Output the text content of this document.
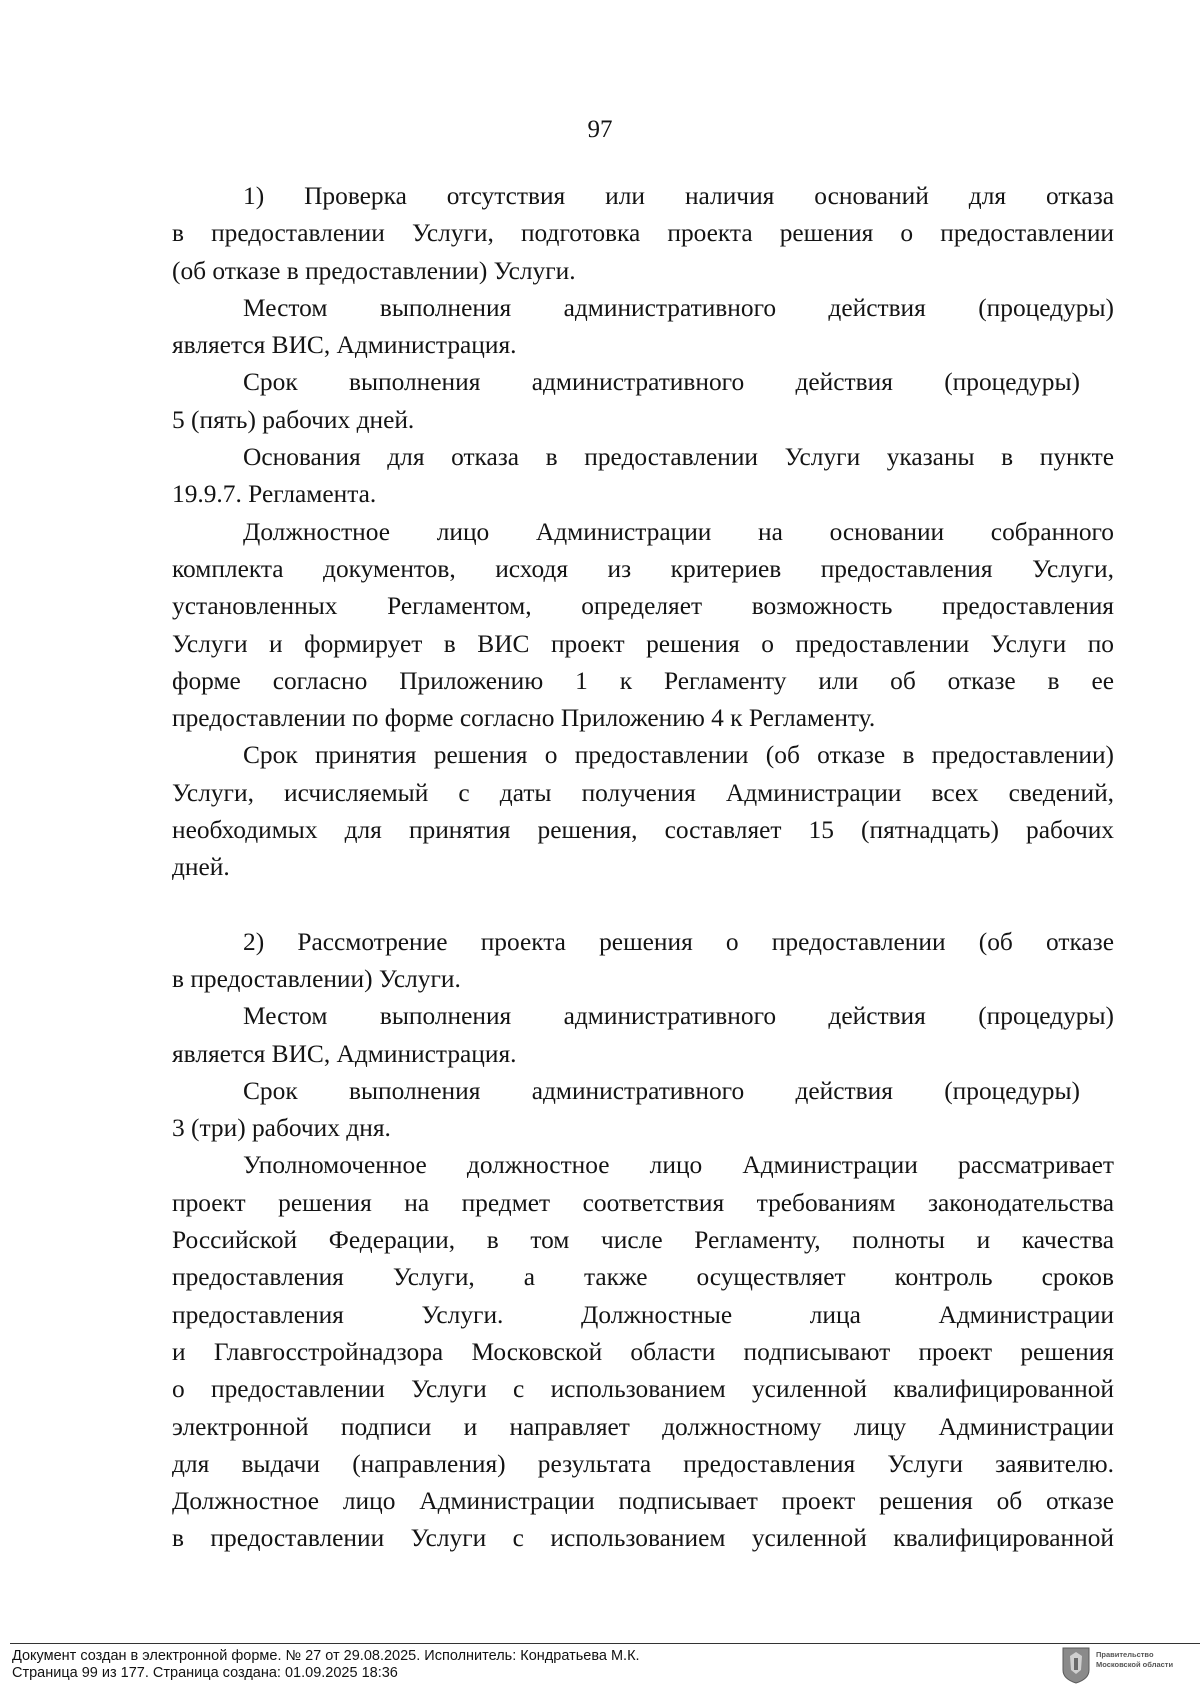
97
1) Проверка отсутствия или наличия оснований для отказа
в предоставлении Услуги, подготовка проекта решения о предоставлении
(об отказе в предоставлении) Услуги.
Местом выполнения административного действия (процедуры)
является ВИС, Администрация.
Срок выполнения административного действия (процедуры)
5 (пять) рабочих дней.
Основания для отказа в предоставлении Услуги указаны в пункте
19.9.7. Регламента.
Должностное лицо Администрации на основании собранного
комплекта документов, исходя из критериев предоставления Услуги,
установленных Регламентом, определяет возможность предоставления
Услуги и формирует в ВИС проект решения о предоставлении Услуги по
форме согласно Приложению 1 к Регламенту или об отказе в ее
предоставлении по форме согласно Приложению 4 к Регламенту.
Срок принятия решения о предоставлении (об отказе в предоставлении)
Услуги, исчисляемый с даты получения Администрации всех сведений,
необходимых для принятия решения, составляет 15 (пятнадцать) рабочих
дней.
2) Рассмотрение проекта решения о предоставлении (об отказе
в предоставлении) Услуги.
Местом выполнения административного действия (процедуры)
является ВИС, Администрация.
Срок выполнения административного действия (процедуры)
3 (три) рабочих дня.
Уполномоченное должностное лицо Администрации рассматривает
проект решения на предмет соответствия требованиям законодательства
Российской Федерации, в том числе Регламенту, полноты и качества
предоставления Услуги, а также осуществляет контроль сроков
предоставления Услуги. Должностные лица Администрации
и Главгосстройнадзора Московской области подписывают проект решения
о предоставлении Услуги с использованием усиленной квалифицированной
электронной подписи и направляет должностному лицу Администрации
для выдачи (направления) результата предоставления Услуги заявителю.
Должностное лицо Администрации подписывает проект решения об отказе
в предоставлении Услуги с использованием усиленной квалифицированной
Документ создан в электронной форме. № 27 от 29.08.2025. Исполнитель: Кондратьева М.К.
Страница 99 из 177. Страница создана: 01.09.2025 18:36
Правительство
Московской области
